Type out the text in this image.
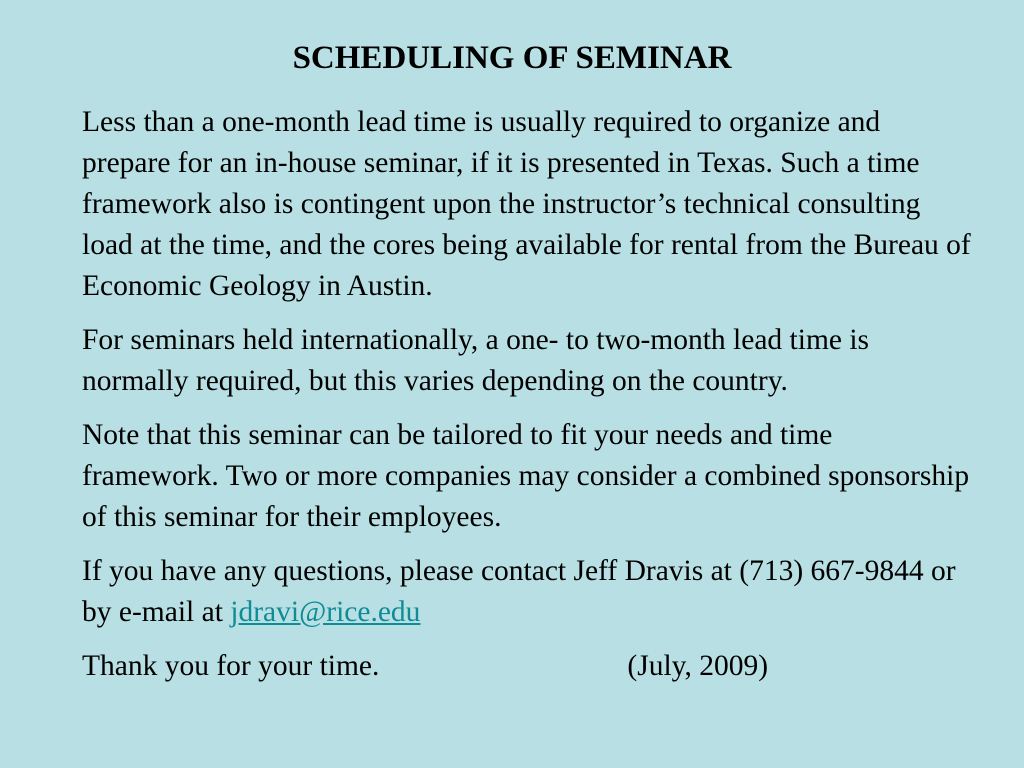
SCHEDULING OF SEMINAR

Less than a one-month lead time is usually required to organize and prepare for an in-house seminar, if it is presented in Texas. Such a time framework also is contingent upon the instructor’s technical consulting load at the time, and the cores being available for rental from the Bureau of Economic Geology in Austin.

For seminars held internationally, a one- to two-month lead time is normally required, but this varies depending on the country.

Note that this seminar can be tailored to fit your needs and time framework. Two or more companies may consider a combined sponsorship of this seminar for their employees.

If you have any questions, please contact Jeff Dravis at (713) 667-9844 or by e-mail at jdravi@rice.edu

Thank you for your time.	(July, 2009)
